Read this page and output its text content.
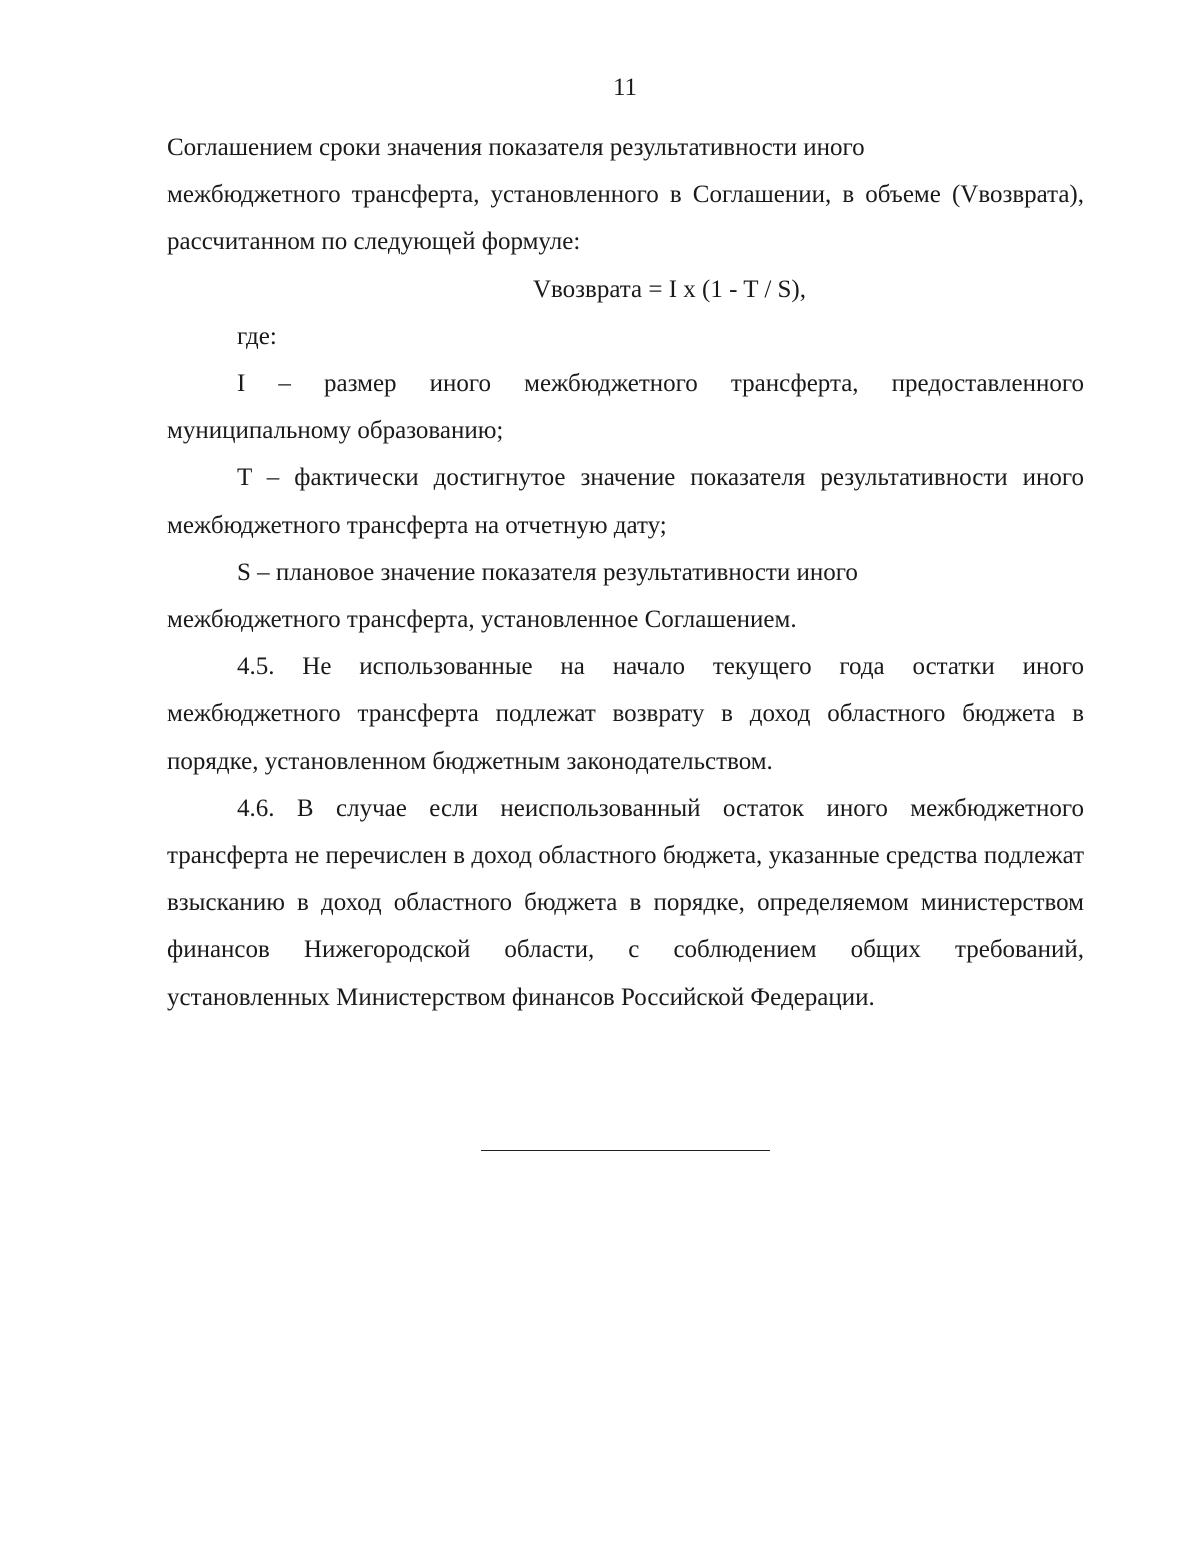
11

Соглашением сроки значения показателя результативности иного

межбюджетного трансферта, установленного в Соглашении, в объеме (Vвозврата), рассчитанном по следующей формуле:

Vвозврата = I x (1 - T / S),

где:

I – размер иного межбюджетного трансферта, предоставленного муниципальному образованию;

T – фактически достигнутое значение показателя результативности иного межбюджетного трансферта на отчетную дату;

S – плановое значение показателя результативности иного

межбюджетного трансферта, установленное Соглашением.

4.5. Не использованные на начало текущего года остатки иного межбюджетного трансферта подлежат возврату в доход областного бюджета в порядке, установленном бюджетным законодательством.

4.6. В случае если неиспользованный остаток иного межбюджетного трансферта не перечислен в доход областного бюджета, указанные средства подлежат взысканию в доход областного бюджета в порядке, определяемом министерством финансов Нижегородской области, с соблюдением общих требований, установленных Министерством финансов Российской Федерации.
